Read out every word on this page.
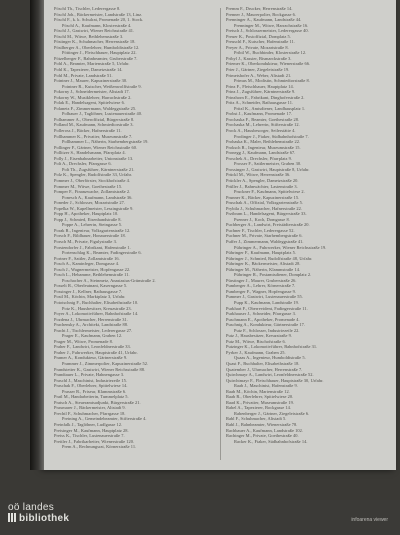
Pöschl Th., Tischler, Lederergasse 8.
Pöschl Joh., Bäckermeister, Landstraße 13, Linz.
Pöschl F., k. k. Schulrat, Promenade 20, 1. Stock.
Pöschl A., Kaufmann, Klosterstraße 4.
Pöschl J., Gastwirt, Wiener Reichsstraße 41.
Pöschl M., Witwe, Bethlehemstraße 3.
Pöstinger K., Schuhmacher, Herrenstraße 18.
Pöstlberger A., Oberlehrer, Humboldtstraße 12.
Pöttinger J., Fleischhauer, Hauptplatz 22.
Pötzelberger F., Bahnbeamter, Gruberstraße 7.
Pohl A., Beamter, Marienstraße 5, Urfahr.
Pohl K., Tapezierer, Dametzstraße 14.
Pohl M., Private, Landstraße 51.
Pointner J., Maurer, Kapuzinerstraße 30.
Pointner R., Kutscher, Weißenwolffstraße 9.
Pokorny J., Schneidermeister, Altstadt 17.
Pokorny W., Musiklehrer, Harrachstraße 2.
Polak E., Handelsagent, Spittelwiese 6.
Polanetz F., Zimmermann, Waldeggstraße 25.
Polbauer J., Taglöhner, Lustenauerstraße 40.
Polhammer A., Oberoffizial, Bürgerstraße 8.
Polland M., Kaufmann, Schmiedtorstraße 3.
Polleross J., Bäcker, Hafnerstraße 11.
Pollhammer K., Privatier, Museumstraße 7.
Pollhammer L., Näherin, Starhembergstraße 19.
Pollinger F., Gärtner, Wiener Reichsstraße 60.
Pollitzer S., Handelsmann, Pfarrplatz 4.
Polly J., Eisenbahnarbeiter, Unionstraße 13.
Polt A., Drechsler, Pfarrgasse 6.
Polt Th., Zugsführer, Kärntnerstraße 21.
Polz K., Spengler, Rudolfstraße 33, Urfahr.
Pommer J., Oberförster, Stockhofstraße 4.
Pommer M., Witwe, Goethestraße 15.
Pomper F., Finanzwache, Zollamtstraße 2.
Ponesch A., Kaufmann, Landstraße 36.
Poneder J., Schlosser, Mozartstraße 27.
Popelka W., Kapellmeister, Lessingstraße 9.
Popp H., Apotheker, Hauptplatz 10.
Popp J., Schmied, Eisenhandstraße 8.
Poppe A., Lehrerin, Steingasse 5.
Porak R., Ingenieur, Volksgartenstraße 12.
Porsch F., Bildhauer, Honauerstraße 18.
Porsch M., Private, Figulystraße 3.
Porstendorfer J., Fabrikant, Hafenstraße 1.
Portenschlag K., Beamter, Fadingerstraße 6.
Portner F., Sattler, Zollamtstraße 16.
Posch A., Kaminfeger, Domgasse 4.
Posch J., Wagnermeister, Hopfengasse 22.
Posch L., Hebamme, Bethlehemstraße 11.
Poschacher A., Steinmetz, Anastasius-Grünstraße 2.
Posselt R., Oberleutnant, Kaserngasse 5.
Possinger J., Kellner, Rathausgasse 7.
Postl M., Köchin, Marktplatz 3, Urfahr.
Pototschnig F., Buchhalter, Elisabethstraße 10.
Potz K., Hausbesitzer, Kreuzstraße 23.
Poyer A., Lokomotivführer, Bahnhofstraße 14.
Pozdena J., Uhrmacher, Herrenstraße 31.
Prachensky A., Architekt, Landstraße 88.
Pracht J., Tischlermeister, Lederergasse 27.
Prager E., Kaufmann, Graben 12.
Prager M., Witwe, Promenade 8.
Praher F., Landwirt, Leonfeldnerstraße 33.
Praher J., Fuhrwerker, Hauptstraße 41, Urfahr.
Pramer A., Kondukteur, Gärtnerstraße 9.
Prammer J., Zimmerpolier, Kapuzinerstraße 52.
Prandstetter K., Gastwirt, Wiener Reichsstraße 88.
Prandtauer L., Private, Hahnengasse 3.
Praschl J., Maschinist, Industriezeile 15.
Praschak F., Oberlehrer, Spittelwiese 14.
Prasser R., Friseur, Klammstraße 6.
Pratl M., Handarbeiterin, Tummelplatz 5.
Pratsch A., Steueramtsadjunkt, Bürgerstraße 21.
Praxmarer J., Bäckermeister, Altstadt 9.
Prechtl F., Schuhmacher, Pfarrgasse 18.
Preining A., Gemeindebeamter, Stifterstraße 4.
Preinfalk J., Taglöhner, Ludlgasse 12.
Preisinger M., Kaufmann, Hauptplatz 28.
Preiss K., Tischler, Lustenauerstraße 7.
Preitler J., Fabrikarbeiter, Wienerstraße 120.
Prem A., Rechnungsrat, Körnerstraße 11.
Premm F., Drucker, Herrenstraße 14.
Prenner J., Maurerpolier, Bockgasse 6.
Prenninger A., Kaufmann, Landstraße 44.
Prenninger M., Witwe, Harrachstraße 16.
Pretsch J., Schlossermeister, Lederergasse 40.
Preuer K., Postoffizial, Domplatz 5.
Preuschl F., Kutscher, Hafenstraße 11.
Preyer A., Private, Mozartstraße 8.
Pribil W., Buchbinder, Klosterstraße 12.
Pribyl J., Kassier, Bismarckstraße 3.
Priemer K., Oberkondukteur, Wienerstraße 66.
Prier J., Gärtner, Ziegeleistraße 19.
Primetshofer A., Weber, Altstadt 21.
Primus M., Modistin, Schmiedtorstraße 8.
Prinz F., Fleischhauer, Hauptplatz 14.
Prinz J., Zugsführer, Kärntnerstraße 9.
Prinzhorn E., Fabrikant, Dinghoferstraße 2.
Pritz A., Schneider, Rathausgasse 11.
Pritzl K., Amtsdiener, Landhausplatz 1.
Probst J., Kaufmann, Promenade 17.
Prochaska F., Beamter, Goethestraße 28.
Prochaska M., Lehrerin, Stifterstraße 12.
Prock A., Hausbesorger, Seilerstätte 4.
Prodinger J., Fiaker, Südbahnhofstraße 7.
Prohaska K., Maler, Bethlehemstraße 22.
Proksch R., Ingenieur, Museumstraße 15.
Pronegg J., Kaufmann, Landstraße 67.
Proschek A., Drechsler, Pfarrplatz 9.
Prosser F., Sattlermeister, Graben 30.
Prossinger J., Gastwirt, Hauptstraße 8, Urfahr.
Prückl M., Witwe, Herrenstraße 36.
Prückler A., Spengler, Dametzstraße 20.
Prüller J., Bahnwächter, Lastenstraße 3.
Pruckner F., Kaufmann, Spittelwiese 2.
Prunner K., Bäcker, Kapuzinerstraße 15.
Pruschak A., Offizial, Volksgartenstraße 5.
Prybila J., Schuhmacher, Hafnerstraße 22.
Przibram L., Handelsagent, Bürgerstraße 33.
Psenner J., Koch, Domgasse 8.
Puchberger A., Landwirt, Freistädterstraße 20.
Puchner F., Tischler, Lederergasse 52.
Puchner M., Private, Starhembergstraße 6.
Puffer J., Zimmermann, Waldeggstraße 41.
Pühringer A., Fuhrwerker, Wiener Reichsstraße 19.
Pühringer F., Kaufmann, Hauptplatz 5.
Pühringer J., Schmied, Rudolfstraße 48, Urfahr.
Pühringer K., Bäckermeister, Altstadt 28.
Pühringer M., Näherin, Klammstraße 14.
Pühringer R., Postamtsdiener, Domplatz 2.
Pürstinger J., Maurer, Gruberstraße 26.
Pumberger A., Lehrer, Körnerstraße 7.
Pumberger F., Wagner, Hopfengasse 9.
Pummer J., Gastwirt, Lustenauerstraße 55.
Pupp K., Kaufmann, Landstraße 19.
Purkhart F., Oberrevident, Fadingerstraße 11.
Purkhauser J., Schneider, Pfarrgasse 3.
Puschmann E., Apotheker, Promenade 4.
Puschnig A., Kondukteur, Gärtnerstraße 17.
Putz F., Schlosser, Industriezeile 22.
Putz J., Hausbesitzer, Kreuzstraße 9.
Putz M., Witwe, Bischofstraße 6.
Putzinger K., Lokomotivführer, Bahnhofstraße 31.
Pyrker J., Kaufmann, Graben 25.
Quaas A., Ingenieur, Humboldtstraße 5.
Quast F., Buchhalter, Elisabethstraße 18.
Quatember J., Uhrmacher, Herrenstraße 7.
Quirchmayr A., Landwirt, Leonfeldnerstraße 52.
Quirchtmayr F., Fleischhauer, Hauptstraße 30, Urfahr.
Raab J., Maschinist, Hafenstraße 9.
Raab M., Köchin, Marienstraße 12.
Raab R., Oberlehrer, Spittelwiese 20.
Raad K., Privatier, Museumstraße 19.
Rabel A., Tapezierer, Bockgasse 14.
Rabenberger J., Gärtner, Ziegeleistraße 6.
Rabl F., Schuhmacher, Altstadt 5.
Rabl J., Bahnbeamter, Wienerstraße 78.
Rachbauer A., Kaufmann, Landstraße 102.
Rachinger M., Private, Goethestraße 40.
Racker K., Fiaker, Südbahnhofstraße 14.
oö landes
bibliothek	infoarena viewer
